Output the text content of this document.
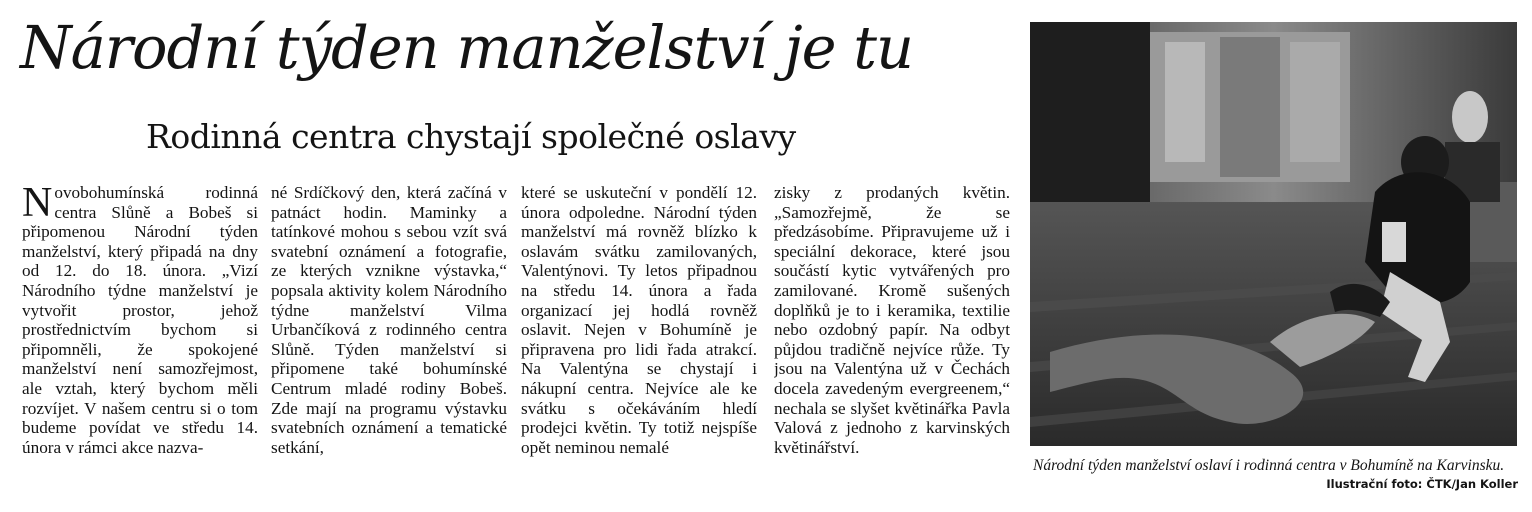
Národní týden manželství je tu
Rodinná centra chystají společné oslavy
N ovobohumínská rodinná centra Slůně a Bobeš si připomenou Národní týden manželství, který připadá na dny od 12. do 18. února. „Vizí Národního týdne manželství je vytvořit prostor, jehož prostřednictvím bychom si připomněli, že spokojené manželství není samozřejmost, ale vztah, který bychom měli rozvíjet. V našem centru si o tom budeme povídat ve středu 14. února v rámci akce nazva-

né Srdíčkový den, která začíná v patnáct hodin. Maminky a tatínkové mohou s sebou vzít svá svatební oznámení a fotografie, ze kterých vznikne výstavka,“ popsala aktivity kolem Národního týdne manželství Vilma Urbančíková z rodinného centra Slůně. Týden manželství si připomene také bohumínské Centrum mladé rodiny Bobeš. Zde mají na programu výstavku svatebních oznámení a tematické setkání,

které se uskuteční v pondělí 12. února odpoledne. Národní týden manželství má rovněž blízko k oslavám svátku zamilovaných, Valentýnovi. Ty letos připadnou na středu 14. února a řada organizací jej hodlá rovněž oslavit. Nejen v Bohumíně je připravena pro lidi řada atrakcí. Na Valentýna se chystají i nákupní centra. Nejvíce ale ke svátku s očekáváním hledí prodejci květin. Ty totiž nejspíše opět neminou nemalé

zisky z prodaných květin. „Samozřejmě, že se předzásobíme. Připravujeme už i speciální dekorace, které jsou součástí kytic vytvářených pro zamilované. Kromě sušených doplňků je to i keramika, textilie nebo ozdobný papír. Na odbyt půjdou tradičně nejvíce růže. Ty jsou na Valentýna už v Čechách docela zavedeným evergreenem,“ nechala se slyšet květinářka Pavla Valová z jednoho z karvinských květinářství.

Národní týden manželství oslaví i rodinná centra v Bohumíně na Karvinsku.

Ilustrační foto: ČTK/Jan Koller
